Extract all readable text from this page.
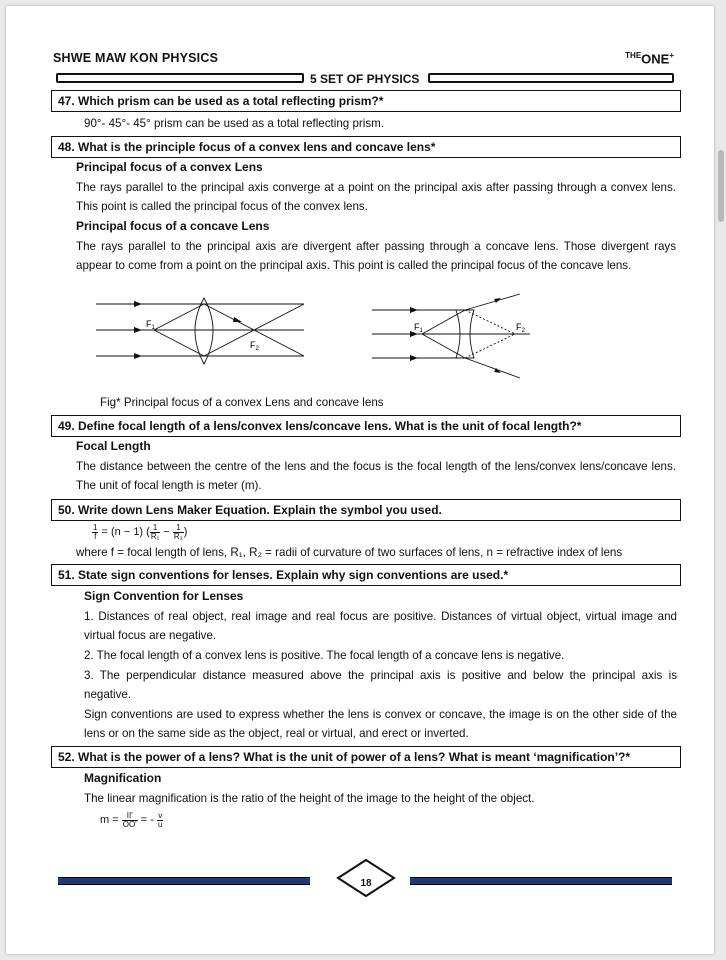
SHWE MAW KON PHYSICS	$^{THE}$ONE+
5 SET OF PHYSICS
47. Which prism can be used as a total reflecting prism?*
90°- 45°- 45° prism can be used as a total reflecting prism.
48. What is the principle focus of a convex lens and concave lens*
Principal focus of a convex Lens
The rays parallel to the principal axis converge at a point on the principal axis after passing through a convex lens. This point is called the principal focus of the convex lens.
Principal focus of a concave Lens
The rays parallel to the principal axis are divergent after passing through a concave lens. Those divergent rays appear to come from a point on the principal axis. This point is called the principal focus of the concave lens.
$F_1$
$F_2$
$F_1$	$F_2$
Fig* Principal focus of a convex Lens and concave lens
49. Define focal length of a lens/convex lens/concave lens. What is the unit of focal length?*
Focal Length
The distance between the centre of the lens and the focus is the focal length of the lens/convex lens/concave lens. The unit of focal length is meter (m).
50. Write down Lens Maker Equation. Explain the symbol you used.
$\frac{1}{f} = (n - 1)$ ( $\frac{1}{\text{R₁}} - \frac{1}{\text{R₂}}$ )
where f = focal length of lens, R₁, R₂ = radii of curvature of two surfaces of lens, n = refractive index of lens
51. State sign conventions for lenses. Explain why sign conventions are used.*
Sign Convention for Lenses
1. Distances of real object, real image and real focus are positive. Distances of virtual object, virtual image and virtual focus are negative.
2. The focal length of a convex lens is positive. The focal length of a concave lens is negative.
3. The perpendicular distance measured above the principal axis is positive and below the principal axis is negative.
Sign conventions are used to express whether the lens is convex or concave, the image is on the other side of the lens or on the same side as the object, real or virtual, and erect or inverted.
52. What is the power of a lens? What is the unit of power of a lens? What is meant ‘magnification’?*
Magnification
The linear magnification is the ratio of the height of the image to the height of the object.
$m = \frac{II'}{OO'}$ = - $\frac{v}{u}$
18
